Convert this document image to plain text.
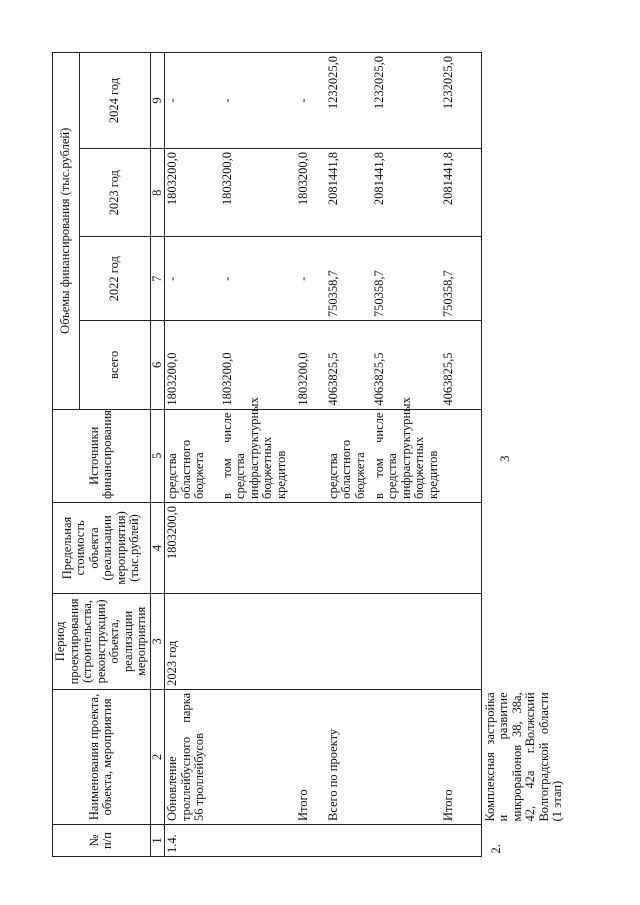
№ п/п	Наименования проекта, объекта, мероприятия	Период проектирования (строительства, реконструкции) объекта, реализации мероприятия	Предельная стоимость объекта (реализации мероприятия) (тыс.рублей)	Источники финансирования	Объемы финансирования (тыс.рублей)			
					всего	2022 год	2023 год	2024 год
1	2	3	4	5	6	7	8	9
1.4.	Обновление троллейбусного парка 56 троллейбусов	2023 год	1803200,0	средства областного бюджета	1803200,0	-	1803200,0	-
				в том числе средства инфраструктурных бюджетных кредитов	1803200,0	-	1803200,0	-
	Итого				1803200,0	-	1803200,0	-
	Всего по проекту			средства областного бюджета	4063825,5	750358,7	2081441,8	1232025,0
				в том числе средства инфраструктурных бюджетных кредитов	4063825,5	750358,7	2081441,8	1232025,0
	Итого				4063825,5	750358,7	2081441,8	1232025,0
2.	Комплексная застройка и развитие микрорайонов 38, 38а, 42, 42а г.Волжский Волгоградской области (1 этап)							
3
